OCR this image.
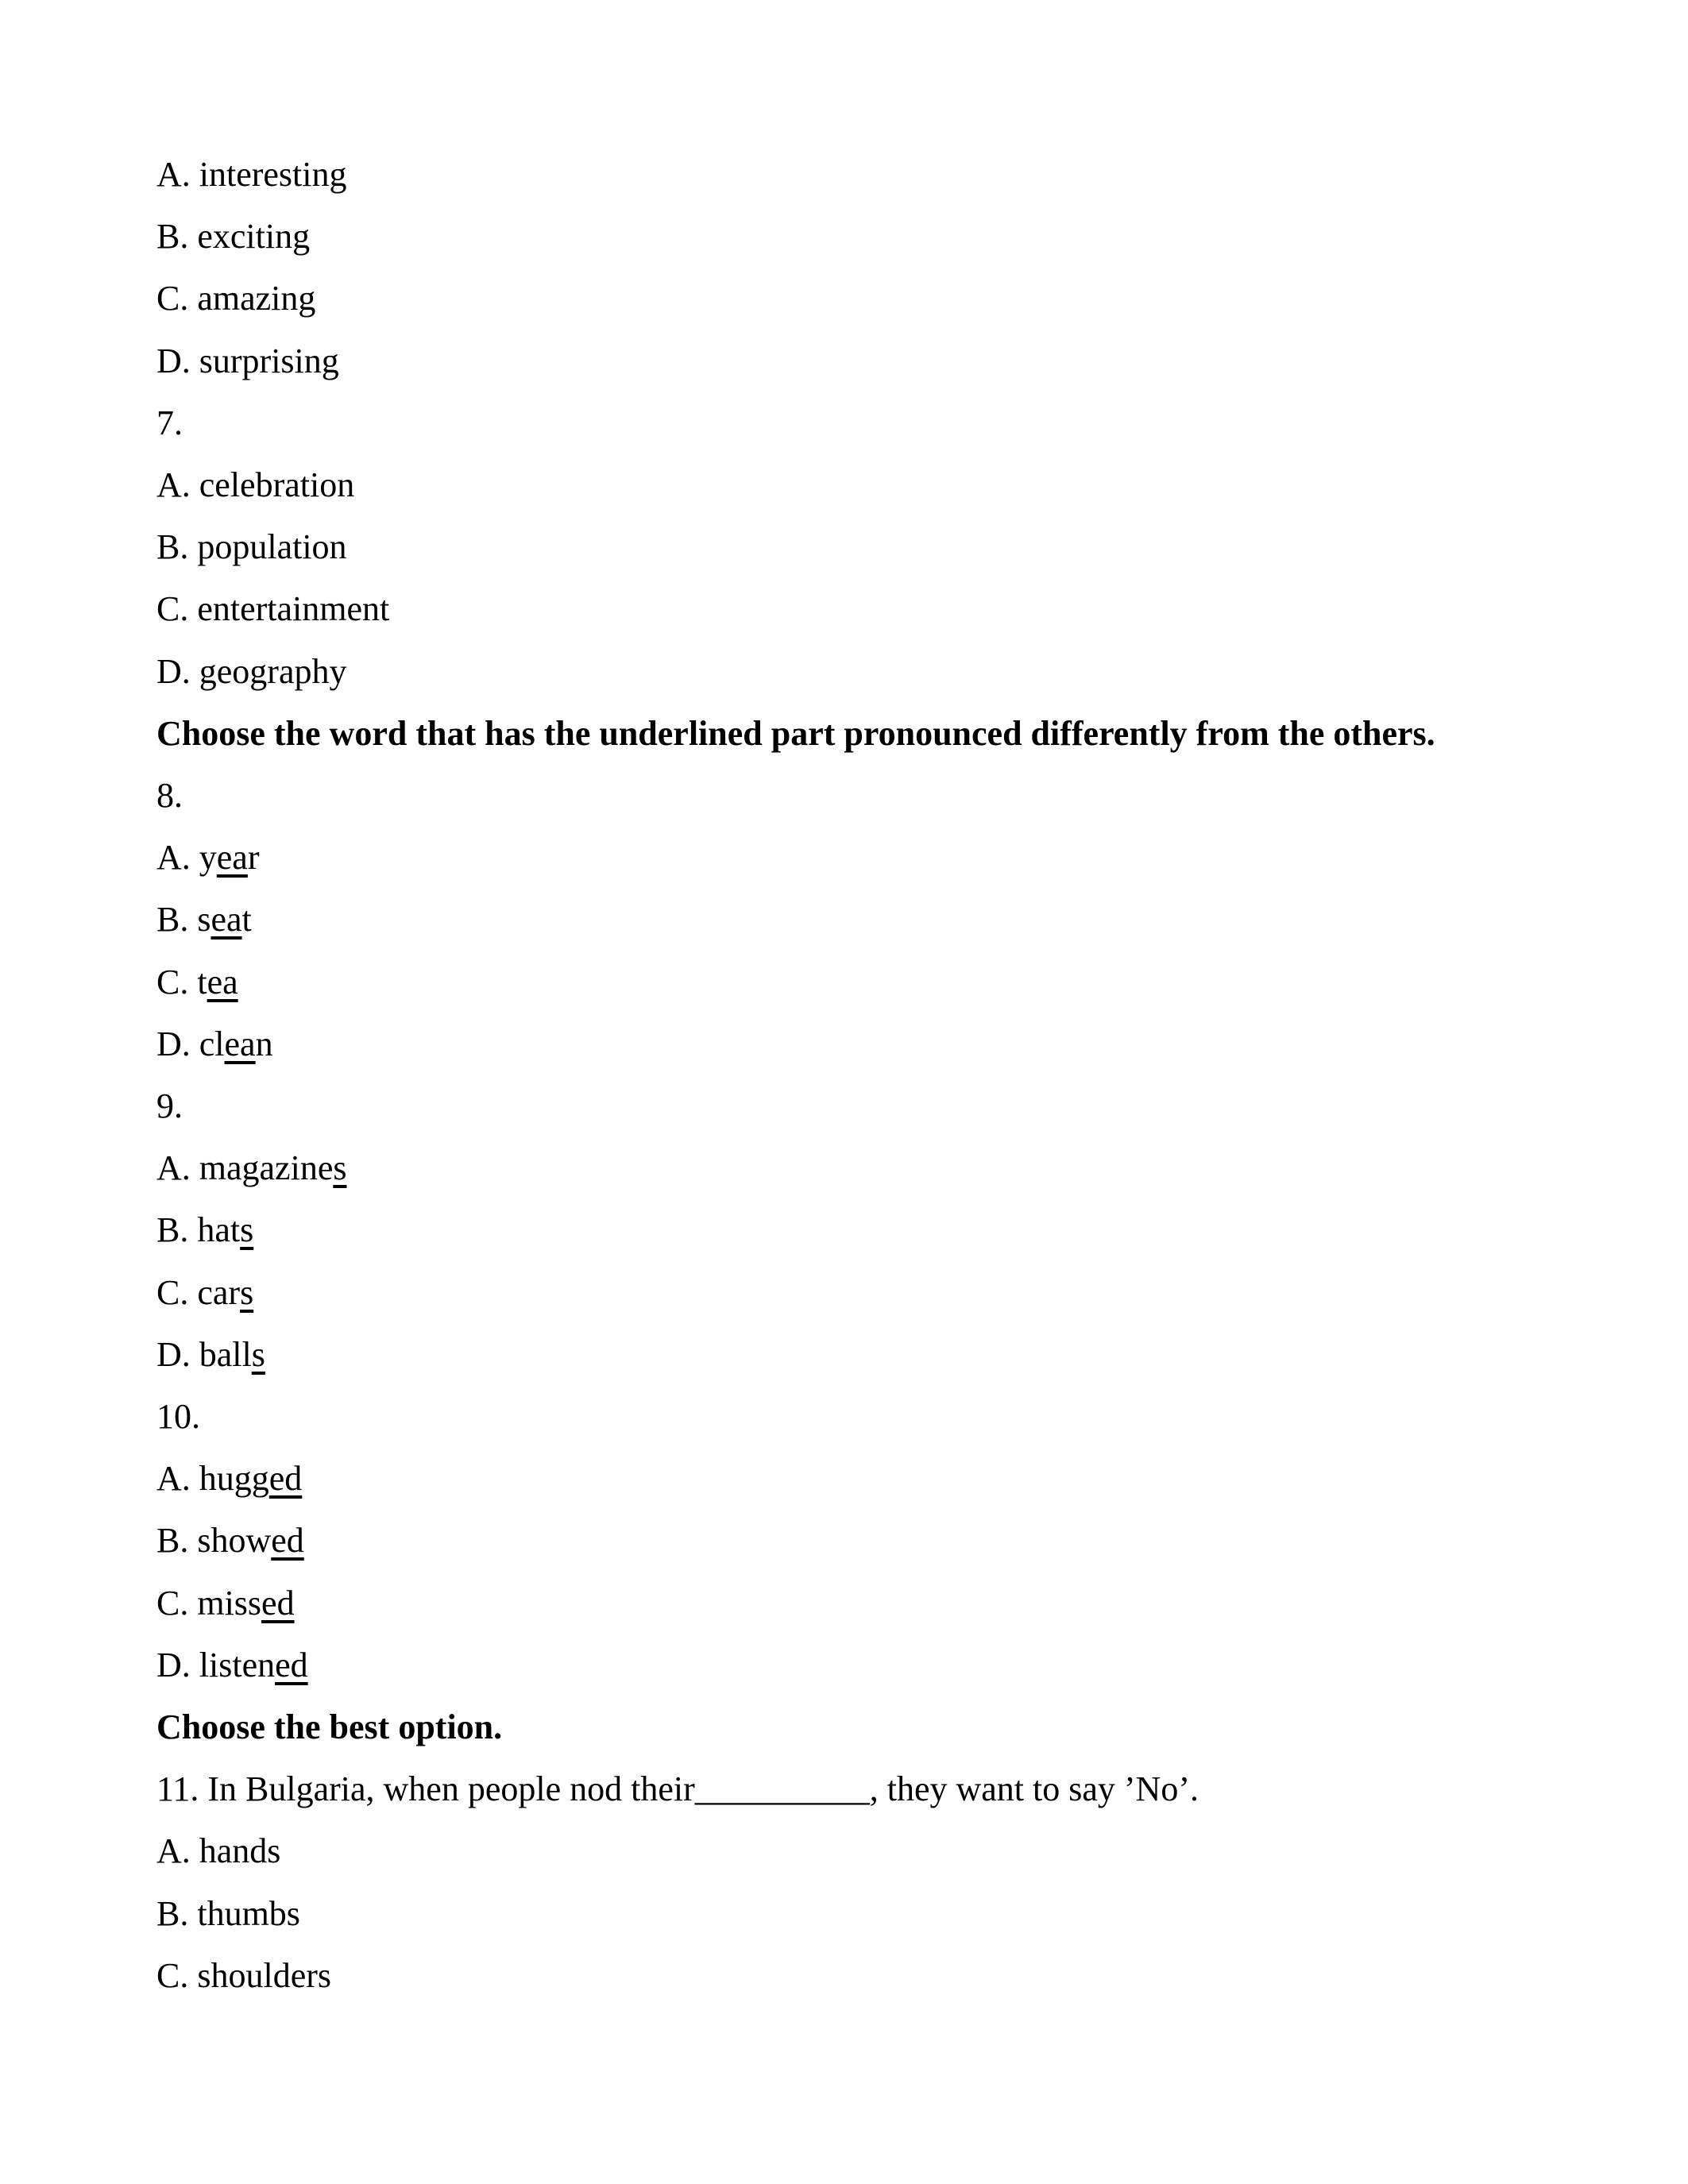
A. interesting

B. exciting

C. amazing

D. surprising

7.

A. celebration

B. population

C. entertainment

D. geography

Choose the word that has the underlined part pronounced differently from the others.

8.

A. year

B. seat

C. tea

D. clean

9.

A. magazines

B. hats

C. cars

D. balls

10.

A. hugged

B. showed

C. missed

D. listened

Choose the best option.

11. In Bulgaria, when people nod their__________, they want to say ’No’.

A. hands

B. thumbs

C. shoulders
